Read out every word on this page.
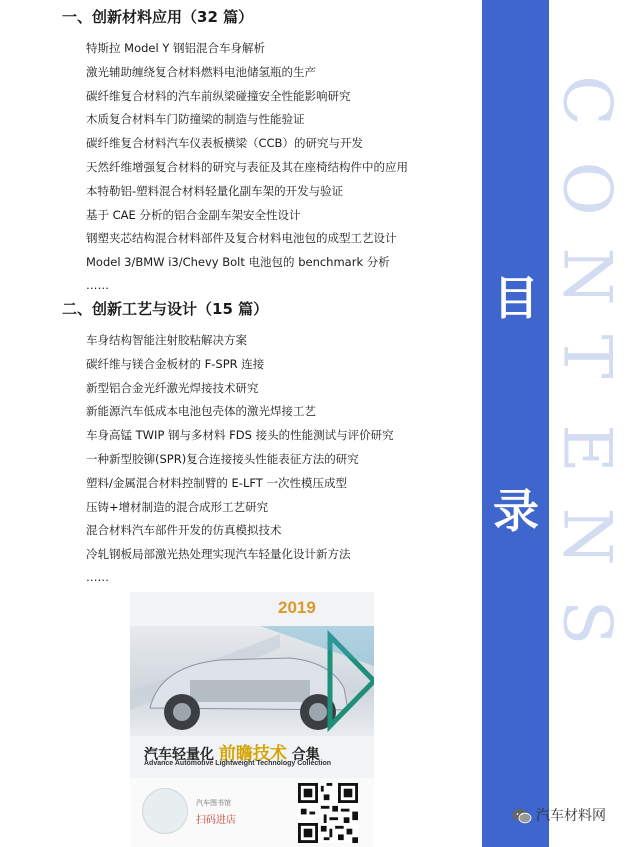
一、创新材料应用（32 篇）
特斯拉 Model Y 钢铝混合车身解析
激光辅助缠绕复合材料燃料电池储氢瓶的生产
碳纤维复合材料的汽车前纵梁碰撞安全性能影响研究
木质复合材料车门防撞梁的制造与性能验证
碳纤维复合材料汽车仪表板横梁（CCB）的研究与开发
天然纤维增强复合材料的研究与表征及其在座椅结构件中的应用
本特勒铝-塑料混合材料轻量化副车架的开发与验证
基于 CAE 分析的铝合金副车架安全性设计
钢塑夹芯结构混合材料部件及复合材料电池包的成型工艺设计
Model 3/BMW i3/Chevy Bolt 电池包的 benchmark 分析
……
二、创新工艺与设计（15 篇）
车身结构智能注射胶粘解决方案
碳纤维与镁合金板材的 F-SPR 连接
新型铝合金光纤激光焊接技术研究
新能源汽车低成本电池包壳体的激光焊接工艺
车身高锰 TWIP 钢与多材料 FDS 接头的性能测试与评价研究
一种新型胶铆(SPR)复合连接接头性能表征方法的研究
塑料/金属混合材料控制臂的 E-LFT 一次性模压成型
压铸+增材制造的混合成形工艺研究
混合材料汽车部件开发的仿真模拟技术
冷轧钢板局部激光热处理实现汽车轻量化设计新方法
……
目
录
C
O
N
T
E
N
S
2019
汽车轻量化 前瞻技术 合集
Advance Automotive Lightweight Technology Collection
汽车图书馆
扫码进店	汽车材料网
